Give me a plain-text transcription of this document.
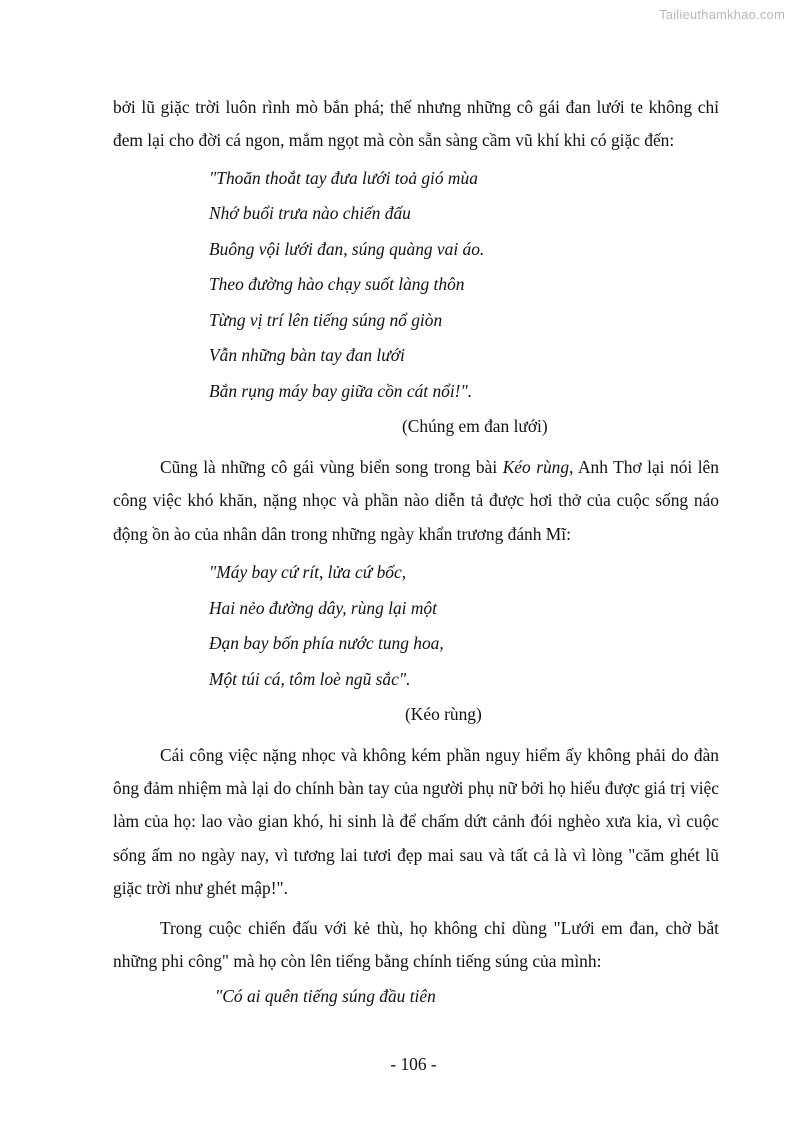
Tailieuthamkhao.com

bởi lũ giặc trời luôn rình mò bắn phá; thế nhưng những cô gái đan lưới te không chỉ đem lại cho đời cá ngon, mắm ngọt mà còn sẵn sàng cầm vũ khí khi có giặc đến:

"Thoăn thoắt tay đưa lưới toả gió mùa
Nhớ buổi trưa nào chiến đấu
Buông vội lưới đan, súng quàng vai áo.
Theo đường hào chạy suốt làng thôn
Từng vị trí lên tiếng súng nổ giòn
Vẫn những bàn tay đan lưới
Bắn rụng máy bay giữa cồn cát nổi!".
(Chúng em đan lưới)

Cũng là những cô gái vùng biển song trong bài Kéo rùng, Anh Thơ lại nói lên công việc khó khăn, nặng nhọc và phần nào diễn tả được hơi thở của cuộc sống náo động ồn ào của nhân dân trong những ngày khẩn trương đánh Mĩ:

"Máy bay cứ rít, lửa cứ bốc,
Hai nẻo đường dây, rùng lại một
Đạn bay bốn phía nước tung hoa,
Một túi cá, tôm loè ngũ sắc".
(Kéo rùng)

Cái công việc nặng nhọc và không kém phần nguy hiểm ấy không phải do đàn ông đảm nhiệm mà lại do chính bàn tay của người phụ nữ bởi họ hiểu được giá trị việc làm của họ: lao vào gian khó, hi sinh là để chấm dứt cảnh đói nghèo xưa kia, vì cuộc sống ấm no ngày nay, vì tương lai tươi đẹp mai sau và tất cả là vì lòng "căm ghét lũ giặc trời như ghét mập!".

Trong cuộc chiến đấu với kẻ thù, họ không chỉ dùng "Lưới em đan, chờ bắt những phi công" mà họ còn lên tiếng bằng chính tiếng súng của mình:

"Có ai quên tiếng súng đầu tiên
- 106 -
